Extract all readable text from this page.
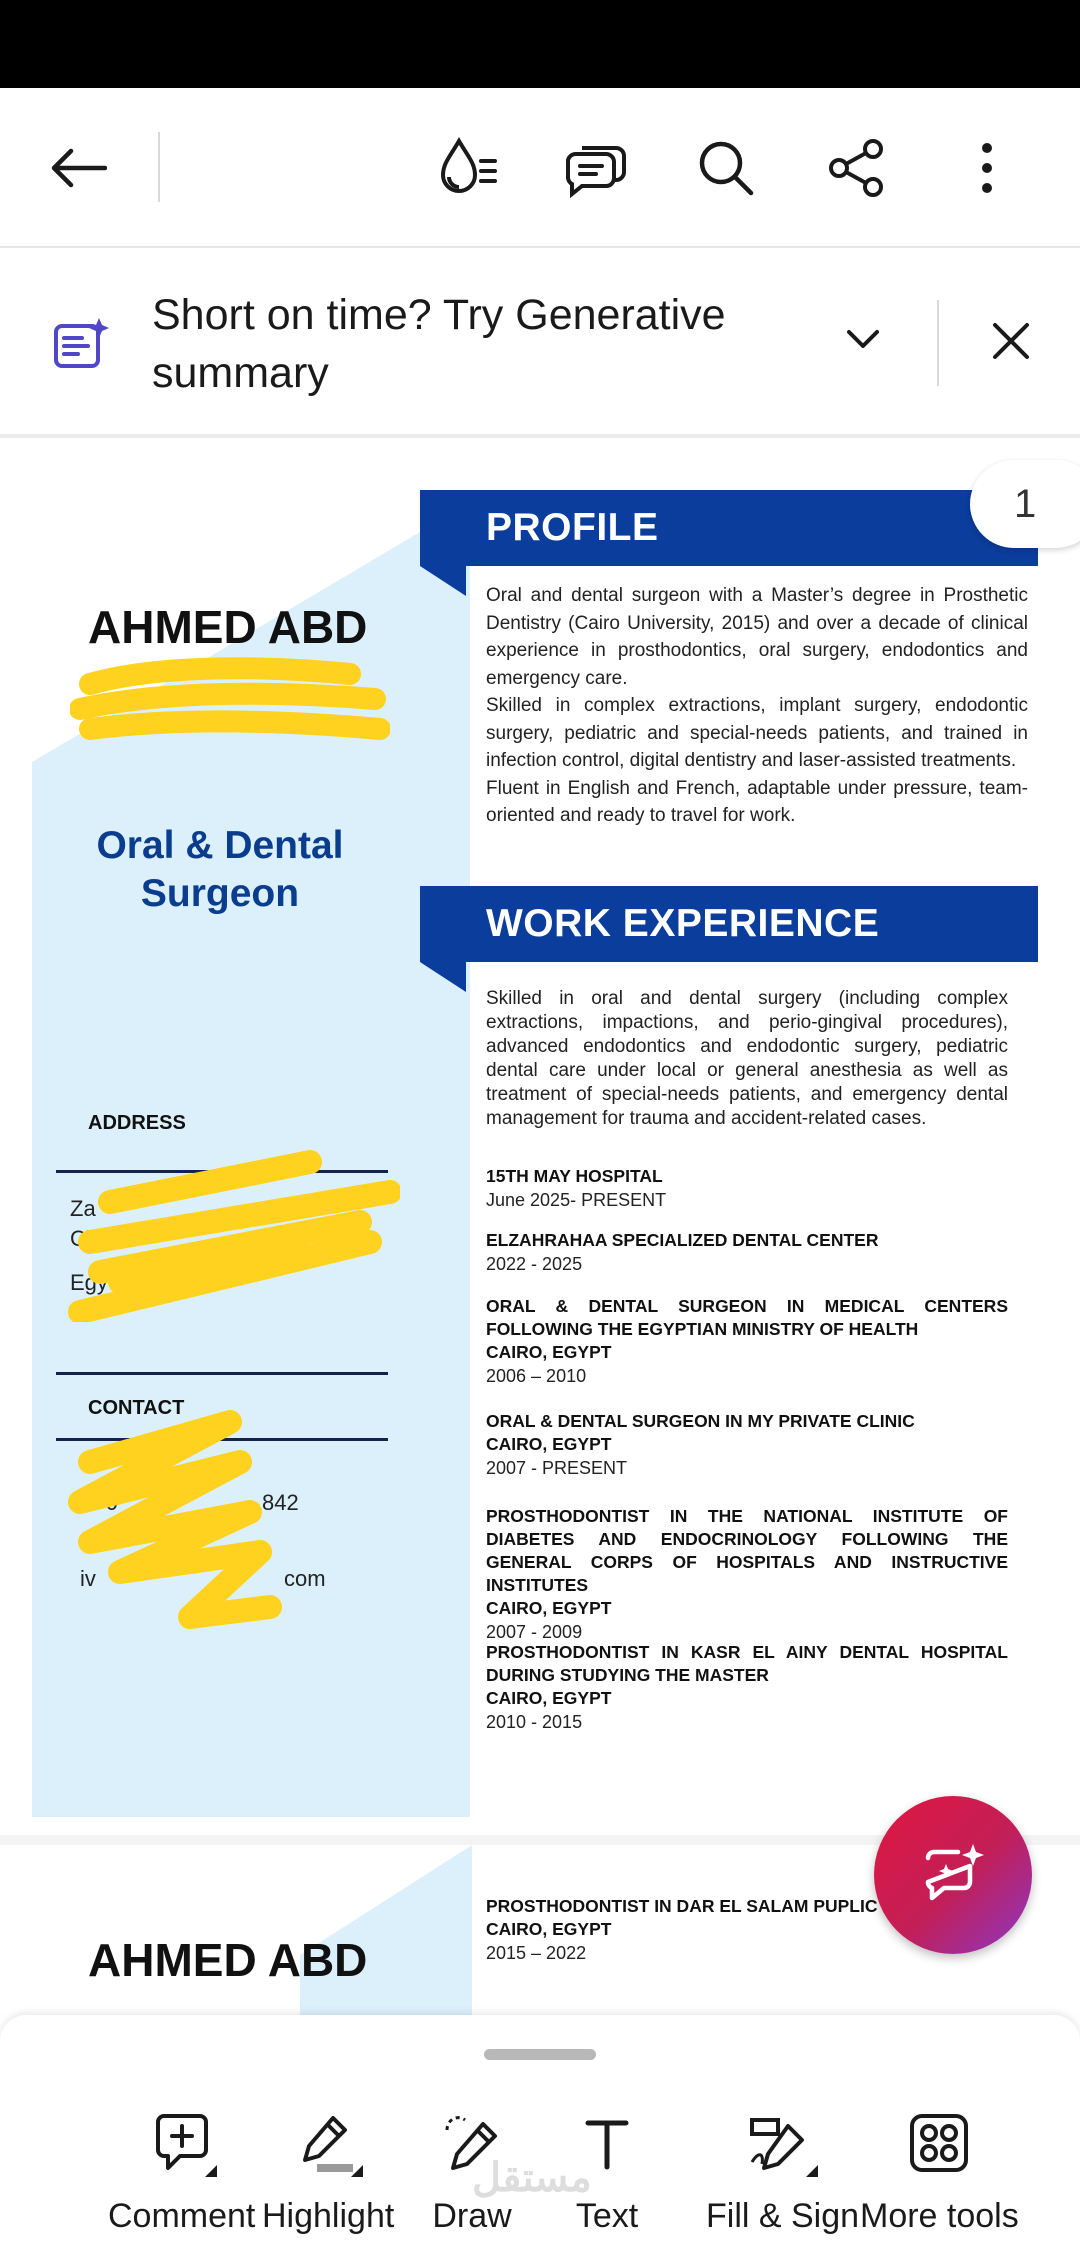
Short on time? Try Generative summary
AHMED ABD
Oral & Dental Surgeon
ADDRESS
Za
City
Egy
CONTACT
2- 0	842
iv	com
PROFILE
Oral and dental surgeon with a Master’s degree in Prosthetic Dentistry (Cairo University, 2015) and over a decade of clinical experience in prosthodontics, oral surgery, endodontics and emergency care.
Skilled in complex extractions, implant surgery, endodontic surgery, pediatric and special-needs patients, and trained in infection control, digital dentistry and laser-assisted treatments.
Fluent in English and French, adaptable under pressure, team-oriented and ready to travel for work.
WORK EXPERIENCE
Skilled in oral and dental surgery (including complex extractions, impactions, and perio-gingival procedures), advanced endodontics and endodontic surgery, pediatric dental care under local or general anesthesia as well as treatment of special-needs patients, and emergency dental management for trauma and accident-related cases.
15TH MAY HOSPITAL
June 2025- PRESENT
ELZAHRAHAA SPECIALIZED DENTAL CENTER
2022 - 2025
ORAL & DENTAL SURGEON IN MEDICAL CENTERS FOLLOWING THE EGYPTIAN MINISTRY OF HEALTH
CAIRO, EGYPT
2006 – 2010
ORAL & DENTAL SURGEON IN MY PRIVATE CLINIC
CAIRO, EGYPT
2007 - PRESENT
PROSTHODONTIST IN THE NATIONAL INSTITUTE OF DIABETES AND ENDOCRINOLOGY FOLLOWING THE GENERAL CORPS OF HOSPITALS AND INSTRUCTIVE INSTITUTES
CAIRO, EGYPT
2007 - 2009
PROSTHODONTIST IN KASR EL AINY DENTAL HOSPITAL DURING STUDYING THE MASTER
CAIRO, EGYPT
2010 - 2015
1
AHMED ABD
PROSTHODONTIST IN DAR EL SALAM PUPLIC
CAIRO, EGYPT
2015 – 2022
Comment Highlight Draw Text Fill & Sign More tools
مستقل
